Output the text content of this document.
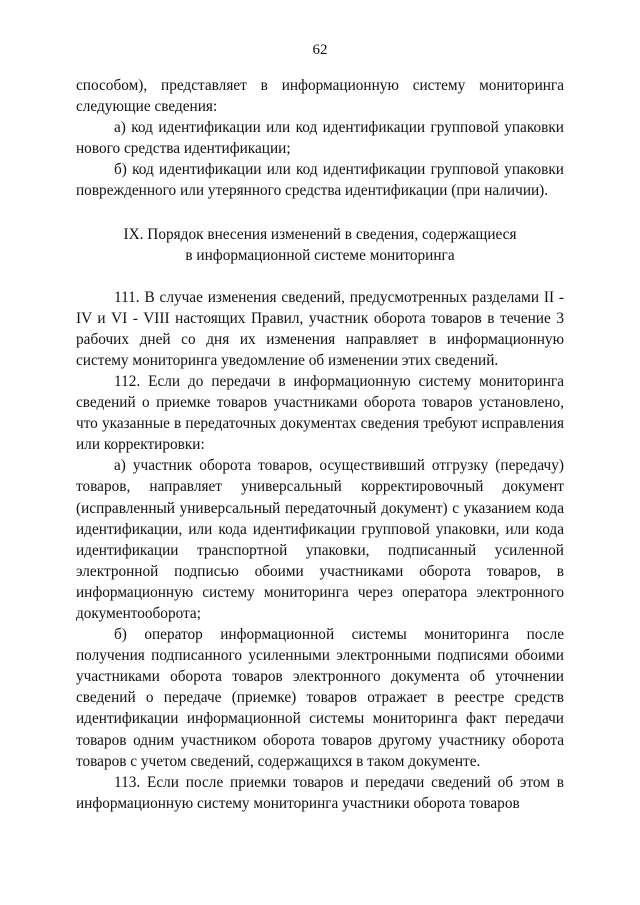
62

способом), представляет в информационную систему мониторинга следующие сведения:

а) код идентификации или код идентификации групповой упаковки нового средства идентификации;

б) код идентификации или код идентификации групповой упаковки поврежденного или утерянного средства идентификации (при наличии).

IX. Порядок внесения изменений в сведения, содержащиеся

в информационной системе мониторинга

111. В случае изменения сведений, предусмотренных разделами II - IV и VI - VIII настоящих Правил, участник оборота товаров в течение 3 рабочих дней со дня их изменения направляет в информационную систему мониторинга уведомление об изменении этих сведений.

112. Если до передачи в информационную систему мониторинга сведений о приемке товаров участниками оборота товаров установлено, что указанные в передаточных документах сведения требуют исправления или корректировки:

а) участник оборота товаров, осуществивший отгрузку (передачу) товаров, направляет универсальный корректировочный документ (исправленный универсальный передаточный документ) с указанием кода идентификации, или кода идентификации групповой упаковки, или кода идентификации транспортной упаковки, подписанный усиленной электронной подписью обоими участниками оборота товаров, в информационную систему мониторинга через оператора электронного документооборота;

б) оператор информационной системы мониторинга после получения подписанного усиленными электронными подписями обоими участниками оборота товаров электронного документа об уточнении сведений о передаче (приемке) товаров отражает в реестре средств идентификации информационной системы мониторинга факт передачи товаров одним участником оборота товаров другому участнику оборота товаров с учетом сведений, содержащихся в таком документе.

113. Если после приемки товаров и передачи сведений об этом в информационную систему мониторинга участники оборота товаров
